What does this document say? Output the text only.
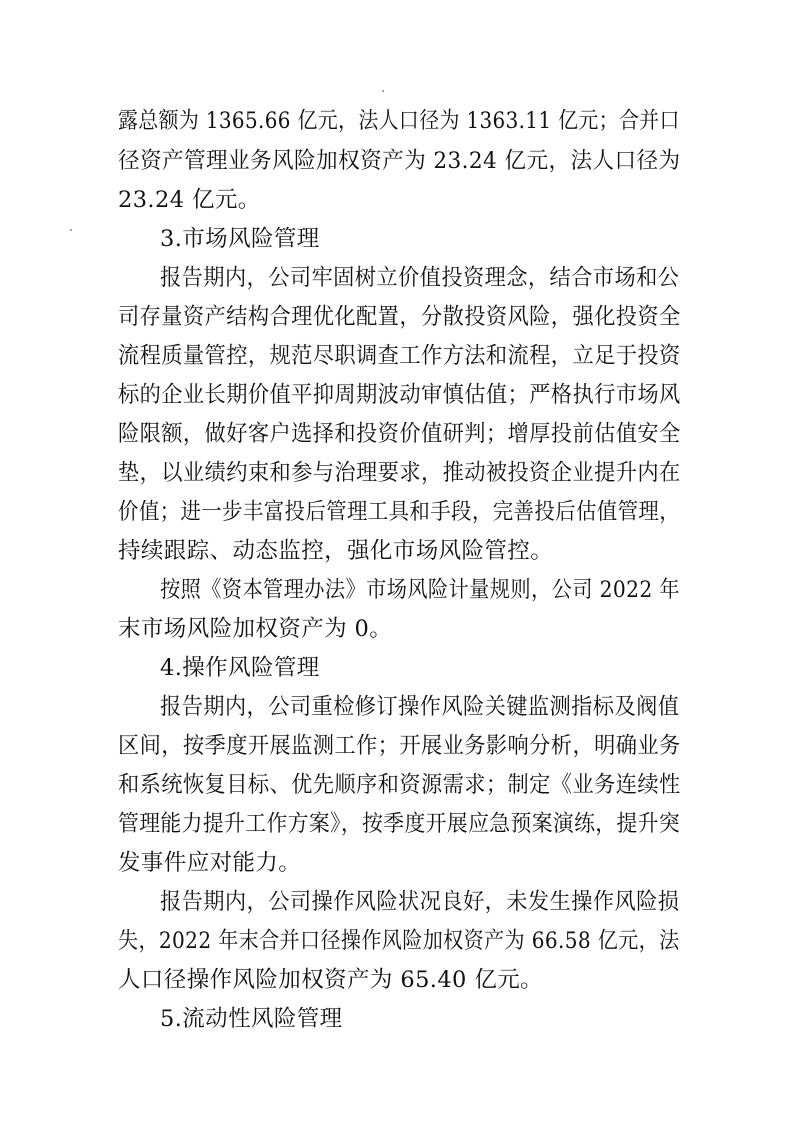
露总额为 1365.66 亿元，法人口径为 1363.11 亿元；合并口
径资产管理业务风险加权资产为 23.24 亿元，法人口径为
23.24 亿元。
3.市场风险管理
报告期内，公司牢固树立价值投资理念，结合市场和公
司存量资产结构合理优化配置，分散投资风险，强化投资全
流程质量管控，规范尽职调查工作方法和流程，立足于投资
标的企业长期价值平抑周期波动审慎估值；严格执行市场风
险限额，做好客户选择和投资价值研判；增厚投前估值安全
垫，以业绩约束和参与治理要求，推动被投资企业提升内在
价值；进一步丰富投后管理工具和手段，完善投后估值管理，
持续跟踪、动态监控，强化市场风险管控。
按照《资本管理办法》市场风险计量规则，公司 2022 年
末市场风险加权资产为 0。
4.操作风险管理
报告期内，公司重检修订操作风险关键监测指标及阀值
区间，按季度开展监测工作；开展业务影响分析，明确业务
和系统恢复目标、优先顺序和资源需求；制定《业务连续性
管理能力提升工作方案》，按季度开展应急预案演练，提升突
发事件应对能力。
报告期内，公司操作风险状况良好，未发生操作风险损
失，2022 年末合并口径操作风险加权资产为 66.58 亿元，法
人口径操作风险加权资产为 65.40 亿元。
5.流动性风险管理
